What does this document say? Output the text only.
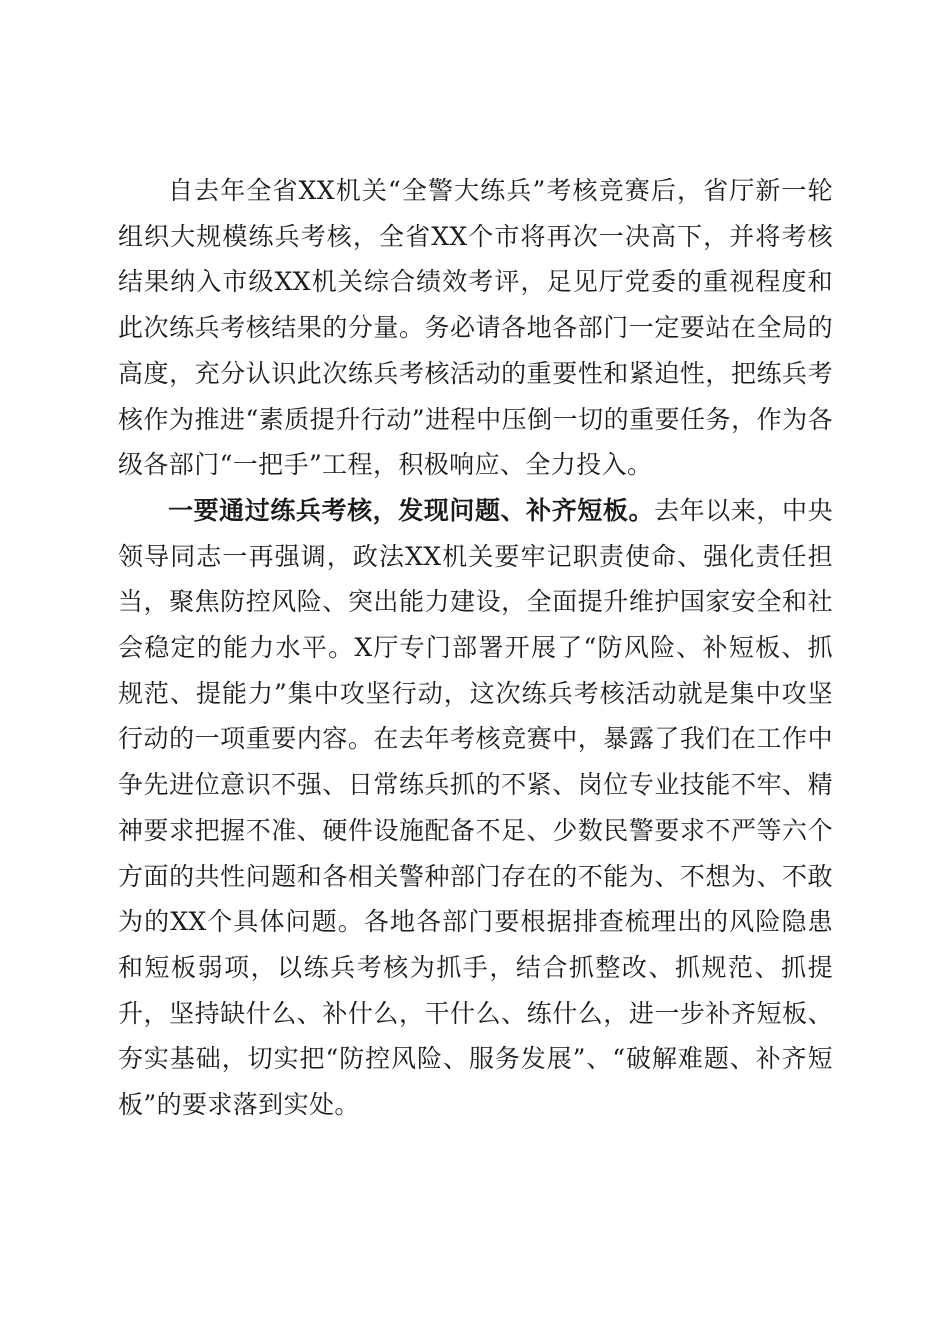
自去年全省XX机关“全警大练兵”考核竞赛后，省厅新一轮组织大规模练兵考核，全省XX个市将再次一决高下，并将考核结果纳入市级XX机关综合绩效考评，足见厅党委的重视程度和此次练兵考核结果的分量。务必请各地各部门一定要站在全局的高度，充分认识此次练兵考核活动的重要性和紧迫性，把练兵考核作为推进“素质提升行动”进程中压倒一切的重要任务，作为各级各部门“一把手”工程，积极响应、全力投入。

一要通过练兵考核，发现问题、补齐短板。去年以来，中央领导同志一再强调，政法XX机关要牢记职责使命、强化责任担当，聚焦防控风险、突出能力建设，全面提升维护国家安全和社会稳定的能力水平。X厅专门部署开展了“防风险、补短板、抓规范、提能力”集中攻坚行动，这次练兵考核活动就是集中攻坚行动的一项重要内容。在去年考核竞赛中，暴露了我们在工作中争先进位意识不强、日常练兵抓的不紧、岗位专业技能不牢、精神要求把握不准、硬件设施配备不足、少数民警要求不严等六个方面的共性问题和各相关警种部门存在的不能为、不想为、不敢为的XX个具体问题。各地各部门要根据排查梳理出的风险隐患和短板弱项，以练兵考核为抓手，结合抓整改、抓规范、抓提升，坚持缺什么、补什么，干什么、练什么，进一步补齐短板、夯实基础，切实把“防控风险、服务发展”、“破解难题、补齐短板”的要求落到实处。
